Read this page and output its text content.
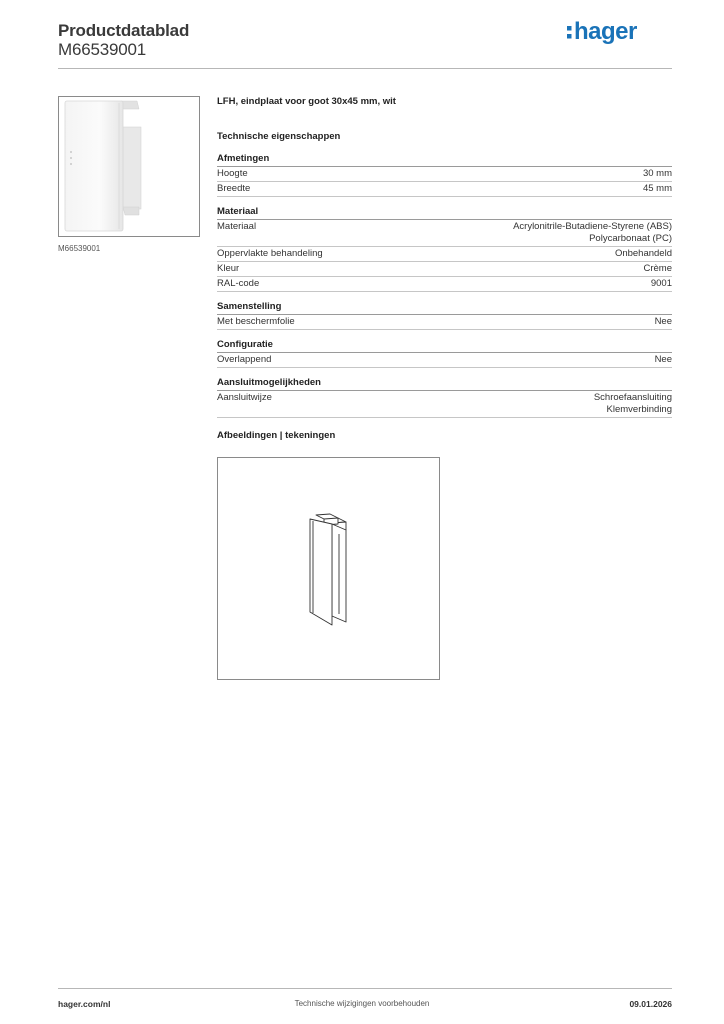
Productdatablad
M66539001
hager
M66539001
LFH, eindplaat voor goot 30x45 mm, wit
Technische eigenschappen
Afmetingen
Hoogte	30 mm
Breedte	45 mm
Materiaal
Materiaal	Acrylonitrile-Butadiene-Styrene (ABS)
Polycarbonaat (PC)
Oppervlakte behandeling	Onbehandeld
Kleur	Crème
RAL-code	9001
Samenstelling
Met beschermfolie	Nee
Configuratie
Overlappend	Nee
Aansluitmogelijkheden
Aansluitwijze	Schroefaansluiting
Klemverbinding
Afbeeldingen | tekeningen
hager.com/nl	Technische wijzigingen voorbehouden	09.01.2026
